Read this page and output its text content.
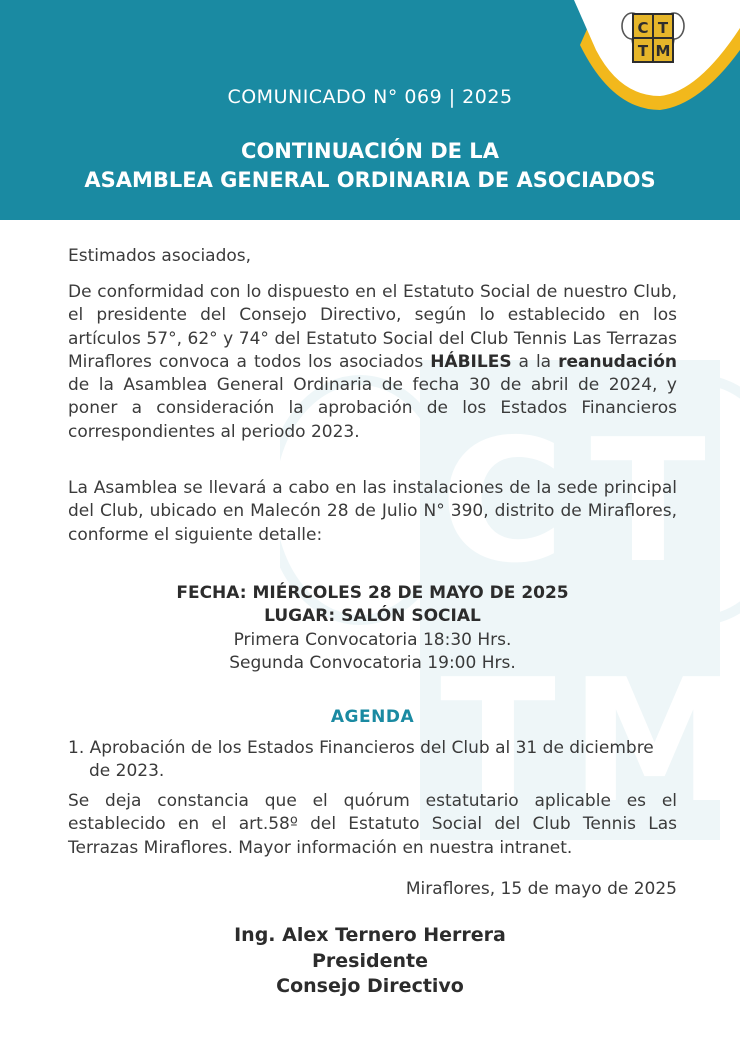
C T
T M
COMUNICADO N° 069 | 2025
CONTINUACIÓN DE LA
ASAMBLEA GENERAL ORDINARIA DE ASOCIADOS
C T
T M
Estimados asociados,
De conformidad con lo dispuesto en el Estatuto Social de nuestro Club, el presidente del Consejo Directivo, según lo establecido en los artículos 57°, 62° y 74° del Estatuto Social del Club Tennis Las Terrazas Miraflores convoca a todos los asociados HÁBILES a la reanudación de la Asamblea General Ordinaria de fecha 30 de abril de 2024, y poner a consideración la aprobación de los Estados Financieros correspondientes al periodo 2023.
La Asamblea se llevará a cabo en las instalaciones de la sede principal del Club, ubicado en Malecón 28 de Julio N° 390, distrito de Miraflores, conforme el siguiente detalle:
FECHA: MIÉRCOLES 28 DE MAYO DE 2025
LUGAR: SALÓN SOCIAL
Primera Convocatoria 18:30 Hrs.
Segunda Convocatoria 19:00 Hrs.
AGENDA
1. Aprobación de los Estados Financieros del Club al 31 de diciembre de 2023.
Se deja constancia que el quórum estatutario aplicable es el establecido en el art.58º del Estatuto Social del Club Tennis Las Terrazas Miraflores. Mayor información en nuestra intranet.
Miraflores, 15 de mayo de 2025
Ing. Alex Ternero Herrera
Presidente
Consejo Directivo
